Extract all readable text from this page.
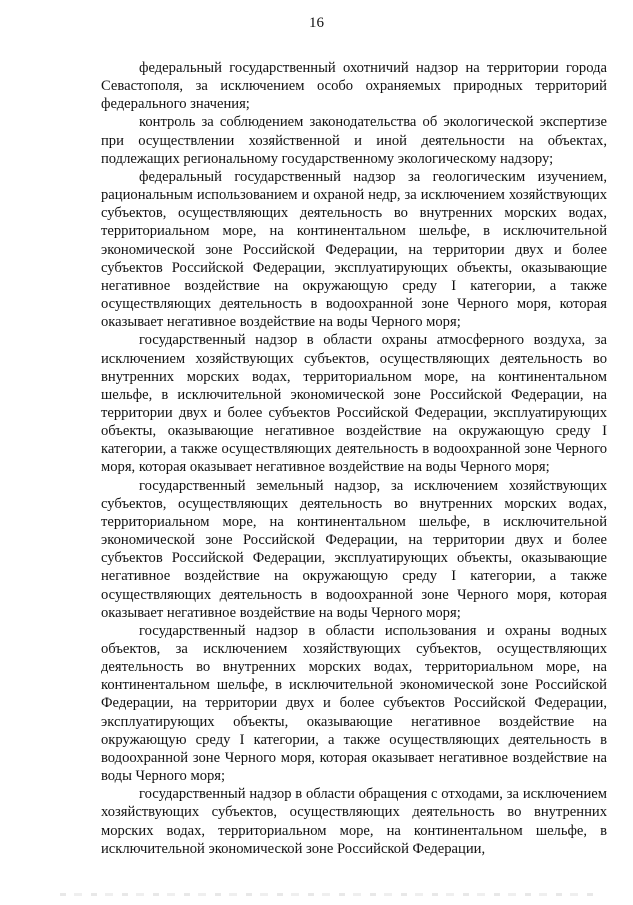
16

федеральный государственный охотничий надзор на территории города Севастополя, за исключением особо охраняемых природных территорий федерального значения;

контроль за соблюдением законодательства об экологической экспертизе при осуществлении хозяйственной и иной деятельности на объектах, подлежащих региональному государственному экологическому надзору;

федеральный государственный надзор за геологическим изучением, рациональным использованием и охраной недр, за исключением хозяйствующих субъектов, осуществляющих деятельность во внутренних морских водах, территориальном море, на континентальном шельфе, в исключительной экономической зоне Российской Федерации, на территории двух и более субъектов Российской Федерации, эксплуатирующих объекты, оказывающие негативное воздействие на окружающую среду I категории, а также осуществляющих деятельность в водоохранной зоне Черного моря, которая оказывает негативное воздействие на воды Черного моря;

государственный надзор в области охраны атмосферного воздуха, за исключением хозяйствующих субъектов, осуществляющих деятельность во внутренних морских водах, территориальном море, на континентальном шельфе, в исключительной экономической зоне Российской Федерации, на территории двух и более субъектов Российской Федерации, эксплуатирующих объекты, оказывающие негативное воздействие на окружающую среду I категории, а также осуществляющих деятельность в водоохранной зоне Черного моря, которая оказывает негативное воздействие на воды Черного моря;

государственный земельный надзор, за исключением хозяйствующих субъектов, осуществляющих деятельность во внутренних морских водах, территориальном море, на континентальном шельфе, в исключительной экономической зоне Российской Федерации, на территории двух и более субъектов Российской Федерации, эксплуатирующих объекты, оказывающие негативное воздействие на окружающую среду I категории, а также осуществляющих деятельность в водоохранной зоне Черного моря, которая оказывает негативное воздействие на воды Черного моря;

государственный надзор в области использования и охраны водных объектов, за исключением хозяйствующих субъектов, осуществляющих деятельность во внутренних морских водах, территориальном море, на континентальном шельфе, в исключительной экономической зоне Российской Федерации, на территории двух и более субъектов Российской Федерации, эксплуатирующих объекты, оказывающие негативное воздействие на окружающую среду I категории, а также осуществляющих деятельность в водоохранной зоне Черного моря, которая оказывает негативное воздействие на воды Черного моря;

государственный надзор в области обращения с отходами, за исключением хозяйствующих субъектов, осуществляющих деятельность во внутренних морских водах, территориальном море, на континентальном шельфе, в исключительной экономической зоне Российской Федерации,
